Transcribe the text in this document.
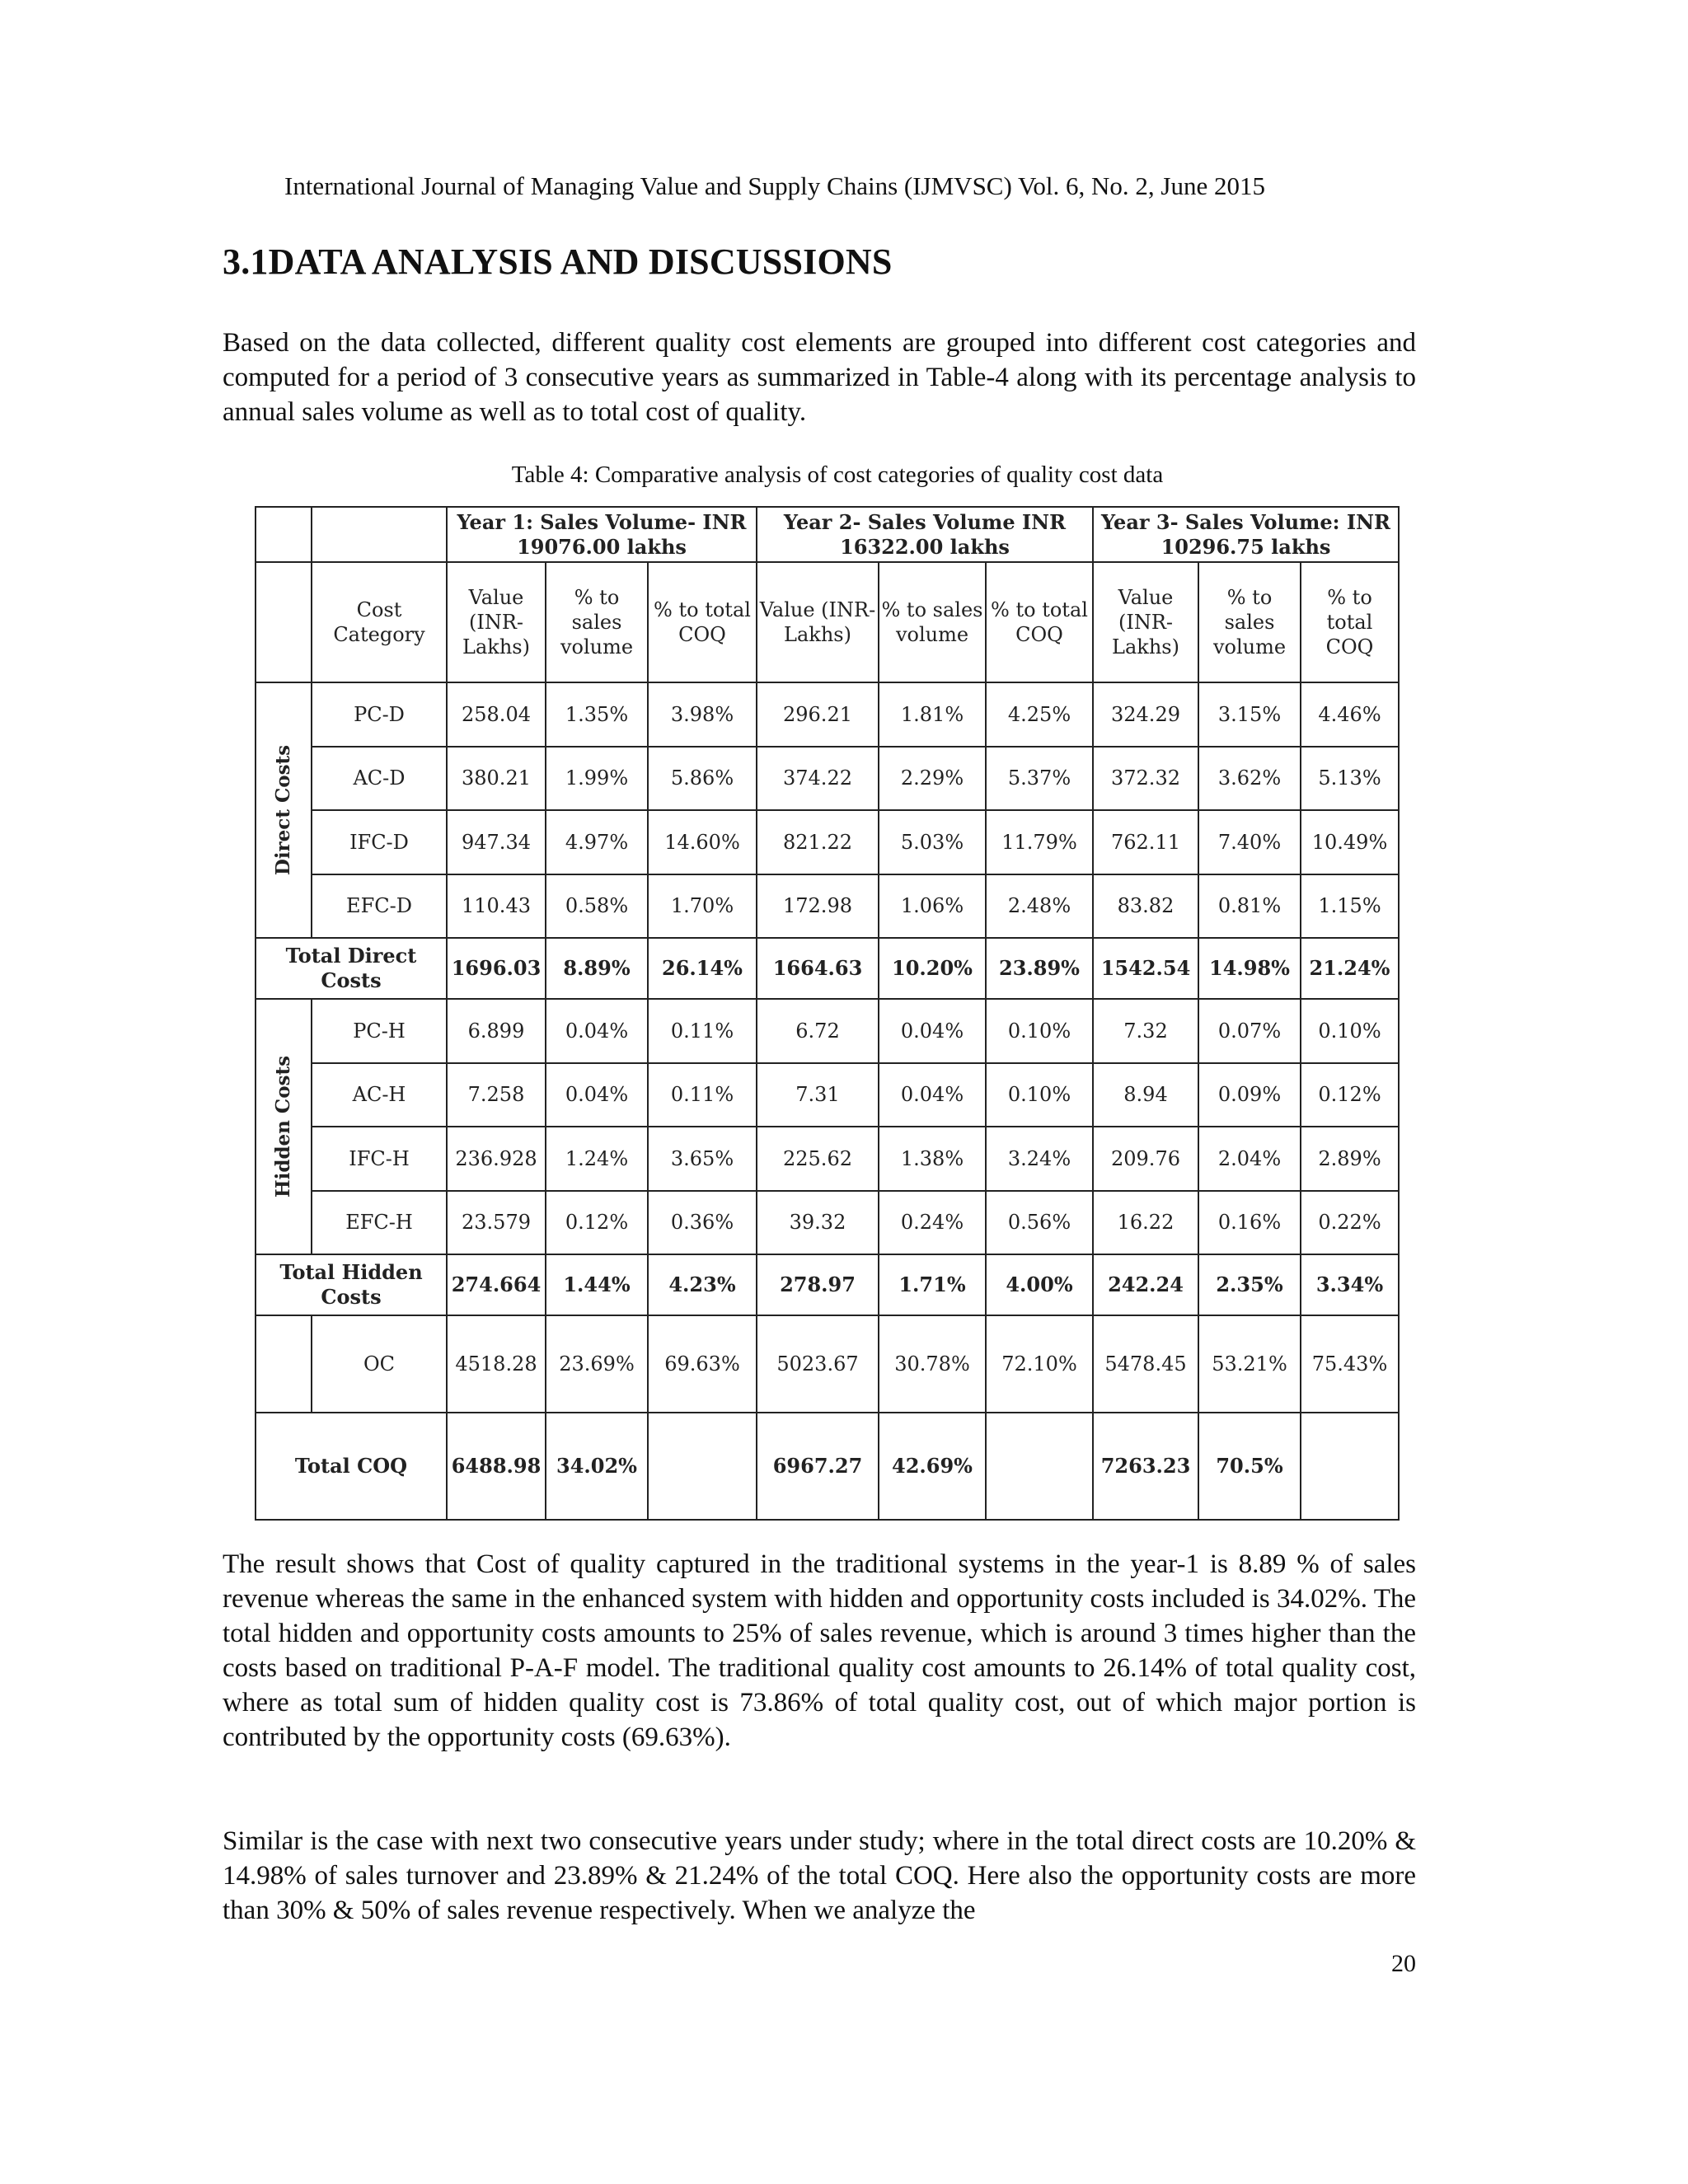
International Journal of Managing Value and Supply Chains (IJMVSC) Vol. 6, No. 2, June 2015
3.1DATA ANALYSIS AND DISCUSSIONS

Based on the data collected, different quality cost elements are grouped into different cost categories and computed for a period of 3 consecutive years as summarized in Table-4 along with its percentage analysis to annual sales volume as well as to total cost of quality.

Table 4: Comparative analysis of cost categories of quality cost data
		Year 1: Sales Volume- INR 19076.00 lakhs			Year 2- Sales Volume INR 16322.00 lakhs			Year 3- Sales Volume: INR 10296.75 lakhs		
	Cost Category	Value (INR-Lakhs)	% to sales volume	% to total COQ	Value (INR-Lakhs)	% to sales volume	% to total COQ	Value (INR-Lakhs)	% to sales volume	% to total COQ

Direct Costs	PC-D	258.04	1.35%	3.98%	296.21	1.81%	4.25%	324.29	3.15%	4.46%
	AC-D	380.21	1.99%	5.86%	374.22	2.29%	5.37%	372.32	3.62%	5.13%
	IFC-D	947.34	4.97%	14.60%	821.22	5.03%	11.79%	762.11	7.40%	10.49%
	EFC-D	110.43	0.58%	1.70%	172.98	1.06%	2.48%	83.82	0.81%	1.15%
Total Direct Costs		1696.03	8.89%	26.14%	1664.63	10.20%	23.89%	1542.54	14.98%	21.24%

Hidden Costs	PC-H	6.899	0.04%	0.11%	6.72	0.04%	0.10%	7.32	0.07%	0.10%
	AC-H	7.258	0.04%	0.11%	7.31	0.04%	0.10%	8.94	0.09%	0.12%
	IFC-H	236.928	1.24%	3.65%	225.62	1.38%	3.24%	209.76	2.04%	2.89%
	EFC-H	23.579	0.12%	0.36%	39.32	0.24%	0.56%	16.22	0.16%	0.22%
Total Hidden Costs		274.664	1.44%	4.23%	278.97	1.71%	4.00%	242.24	2.35%	3.34%
	OC	4518.28	23.69%	69.63%	5023.67	30.78%	72.10%	5478.45	53.21%	75.43%
Total COQ		6488.98	34.02%		6967.27	42.69%		7263.23	70.5%	

The result shows that Cost of quality captured in the traditional systems in the year-1 is 8.89 % of sales revenue whereas the same in the enhanced system with hidden and opportunity costs included is 34.02%. The total hidden and opportunity costs amounts to 25% of sales revenue, which is around 3 times higher than the costs based on traditional P-A-F model. The traditional quality cost amounts to 26.14% of total quality cost, where as total sum of hidden quality cost is 73.86% of total quality cost, out of which major portion is contributed by the opportunity costs (69.63%).

Similar is the case with next two consecutive years under study; where in the total direct costs are 10.20% & 14.98% of sales turnover and 23.89% & 21.24% of the total COQ. Here also the opportunity costs are more than 30% & 50% of sales revenue respectively. When we analyze the

20
